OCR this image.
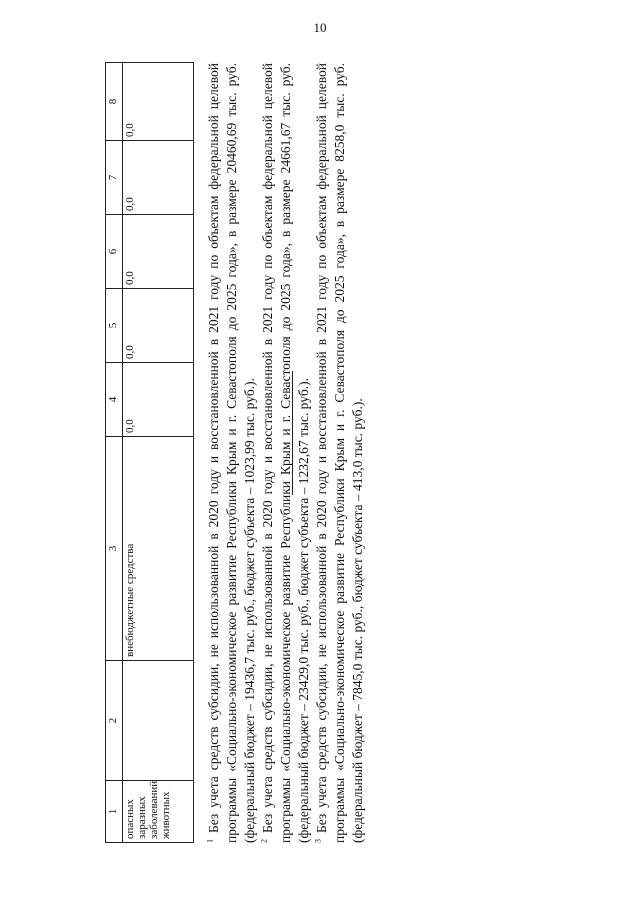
10
1	2	3	4	5	6	7	8
опасных заразных заболеваний животных		внебюджетные средства	0,0	0,0	0,0	0,0	0,0

$^1$ Без учета средств субсидии, не использованной в 2020 году и восстановленной в 2021 году по объектам федеральной целевой программы «Социально-экономическое развитие Республики Крым и г. Севастополя до 2025 года», в размере 20460,69 тыс. руб. (федеральный бюджет – 19436,7 тыс. руб., бюджет субъекта – 1023,99 тыс. руб.). $^2$ Без учета средств субсидии, не использованной в 2020 году и восстановленной в 2021 году по объектам федеральной целевой программы «Социально-экономическое развитие Республики Крым и г. Севастополя до 2025 года», в размере 24661,67 тыс. руб. (федеральный бюджет – 23429,0 тыс. руб., бюджет субъекта – 1232,67 тыс. руб.). $^3$ Без учета средств субсидии, не использованной в 2020 году и восстановленной в 2021 году по объектам федеральной целевой программы «Социально-экономическое развитие Республики Крым и г. Севастополя до 2025 года», в размере 8258,0 тыс. руб. (федеральный бюджет – 7845,0 тыс. руб., бюджет субъекта – 413,0 тыс. руб.).
